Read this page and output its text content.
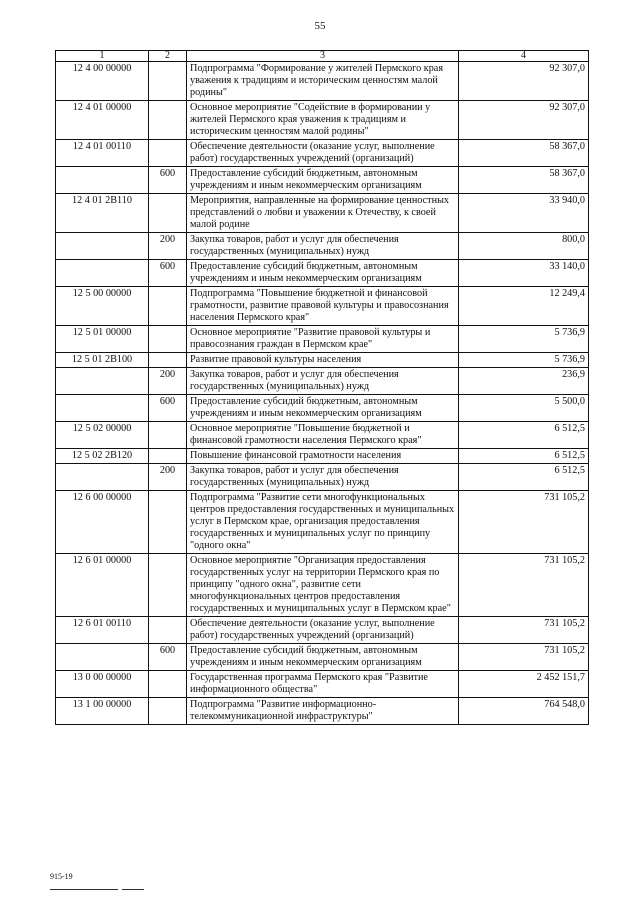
55
1	2	3	4
12 4 00 00000		Подпрограмма "Формирование у жителей Пермского края уважения к традициям и историческим ценностям малой родины"	92 307,0
12 4 01 00000		Основное мероприятие "Содействие в формировании у жителей Пермского края уважения к традициям и историческим ценностям малой родины"	92 307,0
12 4 01 00110		Обеспечение деятельности (оказание услуг, выполнение работ) государственных учреждений (организаций)	58 367,0
	600	Предоставление субсидий бюджетным, автономным учреждениям и иным некоммерческим организациям	58 367,0
12 4 01 2В110		Мероприятия, направленные на формирование ценностных представлений о любви и уважении к Отечеству, к своей малой родине	33 940,0
	200	Закупка товаров, работ и услуг для обеспечения государственных (муниципальных) нужд	800,0
	600	Предоставление субсидий бюджетным, автономным учреждениям и иным некоммерческим организациям	33 140,0
12 5 00 00000		Подпрограмма "Повышение бюджетной и финансовой грамотности, развитие правовой культуры и правосознания населения Пермского края"	12 249,4
12 5 01 00000		Основное мероприятие "Развитие правовой культуры и правосознания граждан в Пермском крае"	5 736,9
12 5 01 2В100		Развитие правовой культуры населения	5 736,9
	200	Закупка товаров, работ и услуг для обеспечения государственных (муниципальных) нужд	236,9
	600	Предоставление субсидий бюджетным, автономным учреждениям и иным некоммерческим организациям	5 500,0
12 5 02 00000		Основное мероприятие "Повышение бюджетной и финансовой грамотности населения Пермского края"	6 512,5
12 5 02 2В120		Повышение финансовой грамотности населения	6 512,5
	200	Закупка товаров, работ и услуг для обеспечения государственных (муниципальных) нужд	6 512,5
12 6 00 00000		Подпрограмма "Развитие сети многофункциональных центров предоставления государственных и муниципальных услуг в Пермском крае, организация предоставления государственных и муниципальных услуг по принципу "одного окна"	731 105,2
12 6 01 00000		Основное мероприятие "Организация предоставления государственных услуг на территории Пермского края по принципу "одного окна", развитие сети многофункциональных центров предоставления государственных и муниципальных услуг в Пермском крае"	731 105,2
12 6 01 00110		Обеспечение деятельности (оказание услуг, выполнение работ) государственных учреждений (организаций)	731 105,2
	600	Предоставление субсидий бюджетным, автономным учреждениям и иным некоммерческим организациям	731 105,2
13 0 00 00000		Государственная программа Пермского края "Развитие информационного общества"	2 452 151,7
13 1 00 00000		Подпрограмма "Развитие информационно-телекоммуникационной инфраструктуры"	764 548,0
915-19
